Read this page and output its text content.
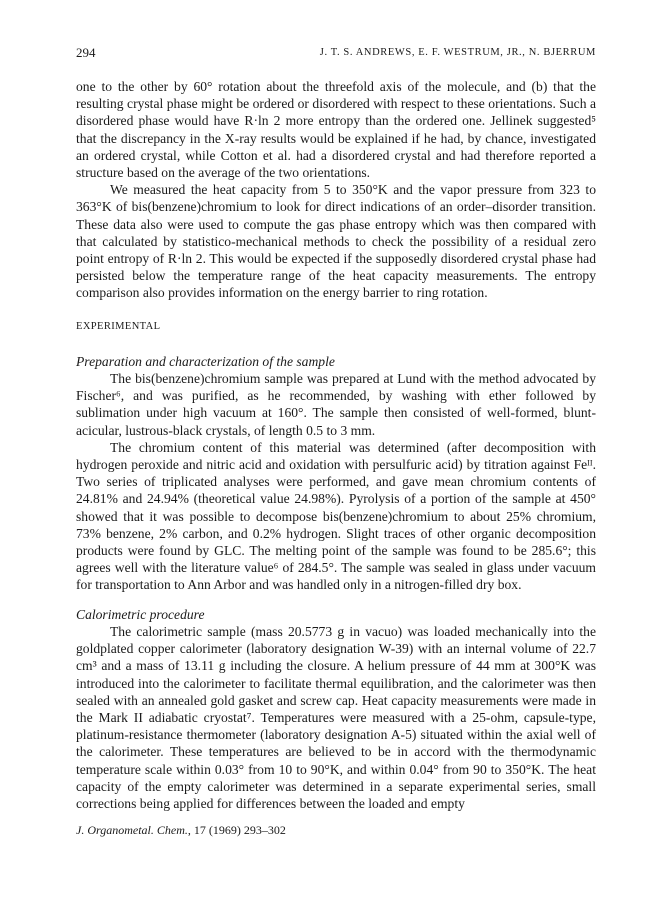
294	J. T. S. ANDREWS, E. F. WESTRUM, JR., N. BJERRUM

one to the other by 60° rotation about the threefold axis of the molecule, and (b) that the resulting crystal phase might be ordered or disordered with respect to these orientations. Such a disordered phase would have R·ln 2 more entropy than the ordered one. Jellinek suggested⁵ that the discrepancy in the X-ray results would be explained if he had, by chance, investigated an ordered crystal, while Cotton et al. had a disordered crystal and had therefore reported a structure based on the average of the two orientations.

We measured the heat capacity from 5 to 350°K and the vapor pressure from 323 to 363°K of bis(benzene)chromium to look for direct indications of an order–disorder transition. These data also were used to compute the gas phase entropy which was then compared with that calculated by statistico-mechanical methods to check the possibility of a residual zero point entropy of R·ln 2. This would be expected if the supposedly disordered crystal phase had persisted below the temperature range of the heat capacity measurements. The entropy comparison also provides information on the energy barrier to ring rotation.

EXPERIMENTAL
Preparation and characterization of the sample

The bis(benzene)chromium sample was prepared at Lund with the method advocated by Fischer⁶, and was purified, as he recommended, by washing with ether followed by sublimation under high vacuum at 160°. The sample then consisted of well-formed, blunt-acicular, lustrous-black crystals, of length 0.5 to 3 mm.

The chromium content of this material was determined (after decomposition with hydrogen peroxide and nitric acid and oxidation with persulfuric acid) by titration against Feᴵᴵ. Two series of triplicated analyses were performed, and gave mean chromium contents of 24.81% and 24.94% (theoretical value 24.98%). Pyrolysis of a portion of the sample at 450° showed that it was possible to decompose bis(benzene)chromium to about 25% chromium, 73% benzene, 2% carbon, and 0.2% hydrogen. Slight traces of other organic decomposition products were found by GLC. The melting point of the sample was found to be 285.6°; this agrees well with the literature value⁶ of 284.5°. The sample was sealed in glass under vacuum for transportation to Ann Arbor and was handled only in a nitrogen-filled dry box.

Calorimetric procedure

The calorimetric sample (mass 20.5773 g in vacuo) was loaded mechanically into the goldplated copper calorimeter (laboratory designation W-39) with an internal volume of 22.7 cm³ and a mass of 13.11 g including the closure. A helium pressure of 44 mm at 300°K was introduced into the calorimeter to facilitate thermal equilibration, and the calorimeter was then sealed with an annealed gold gasket and screw cap. Heat capacity measurements were made in the Mark II adiabatic cryostat⁷. Temperatures were measured with a 25-ohm, capsule-type, platinum-resistance thermometer (laboratory designation A-5) situated within the axial well of the calorimeter. These temperatures are believed to be in accord with the thermodynamic temperature scale within 0.03° from 10 to 90°K, and within 0.04° from 90 to 350°K. The heat capacity of the empty calorimeter was determined in a separate experimental series, small corrections being applied for differences between the loaded and empty

J. Organometal. Chem., 17 (1969) 293–302
